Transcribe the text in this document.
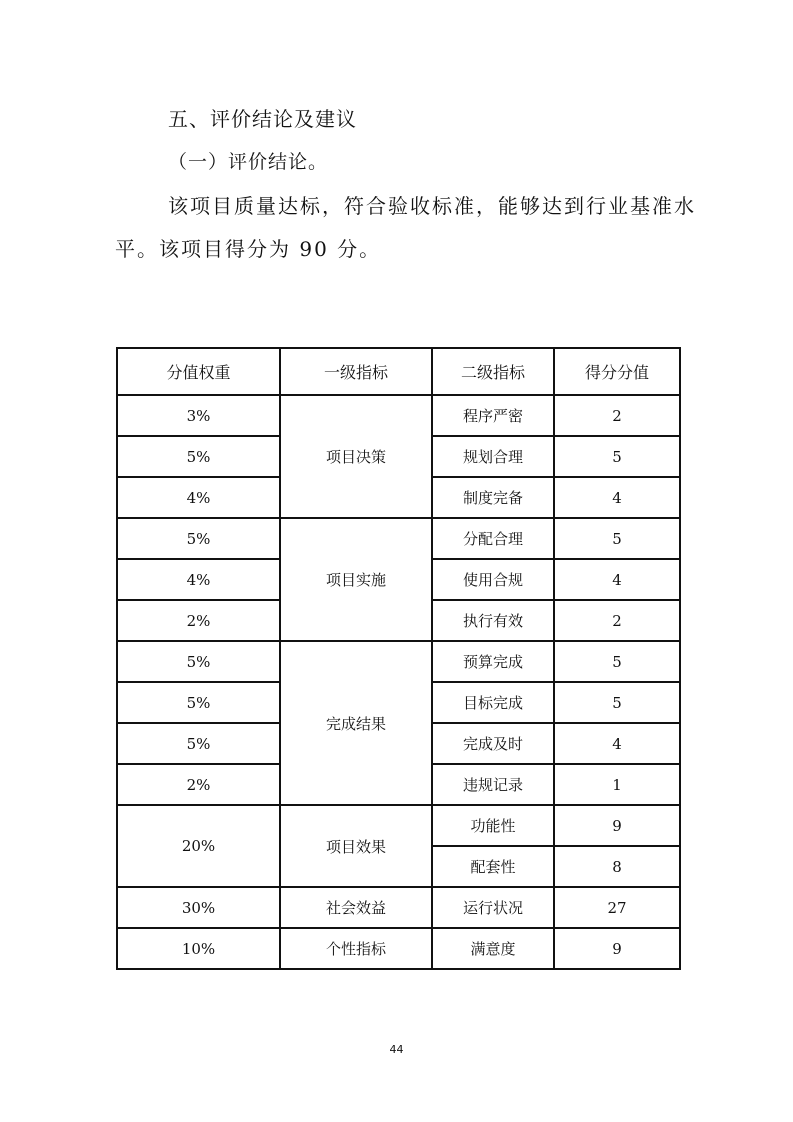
五、评价结论及建议
（一）评价结论。
该项目质量达标，符合验收标准，能够达到行业基准水
平。该项目得分为 90 分。
分值权重	一级指标	二级指标	得分分值
3%	项目决策	程序严密	2
5%		规划合理	5
4%		制度完备	4
5%	项目实施	分配合理	5
4%		使用合规	4
2%		执行有效	2
5%	完成结果	预算完成	5
5%		目标完成	5
5%		完成及时	4
2%		违规记录	1
20%	项目效果	功能性	9
		配套性	8
30%	社会效益	运行状况	27
10%	个性指标	满意度	9
44
